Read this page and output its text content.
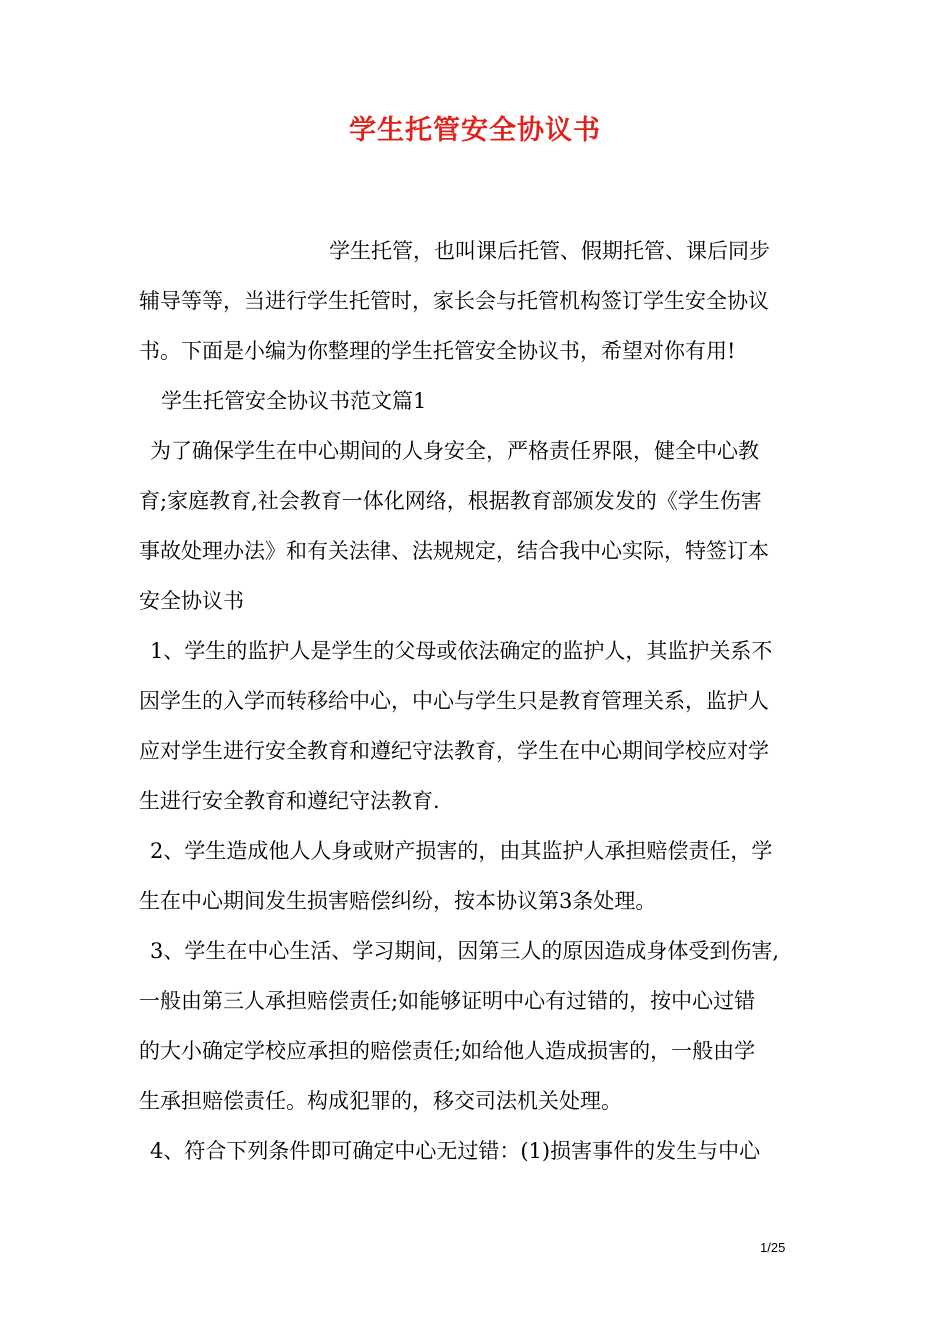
学生托管安全协议书
学生托管，也叫课后托管、假期托管、课后同步
辅导等等，当进行学生托管时，家长会与托管机构签订学生安全协议
书。下面是小编为你整理的学生托管安全协议书，希望对你有用!
学生托管安全协议书范文篇1
为了确保学生在中心期间的人身安全，严格责任界限，健全中心教
育;家庭教育,社会教育一体化网络，根据教育部颁发发的《学生伤害
事故处理办法》和有关法律、法规规定，结合我中心实际，特签订本
安全协议书
1、学生的监护人是学生的父母或依法确定的监护人，其监护关系不
因学生的入学而转移给中心，中心与学生只是教育管理关系，监护人
应对学生进行安全教育和遵纪守法教育，学生在中心期间学校应对学
生进行安全教育和遵纪守法教育.
2、学生造成他人人身或财产损害的，由其监护人承担赔偿责任，学
生在中心期间发生损害赔偿纠纷，按本协议第3条处理。
3、学生在中心生活、学习期间，因第三人的原因造成身体受到伤害,
一般由第三人承担赔偿责任;如能够证明中心有过错的，按中心过错
的大小确定学校应承担的赔偿责任;如给他人造成损害的，一般由学
生承担赔偿责任。构成犯罪的，移交司法机关处理。
4、符合下列条件即可确定中心无过错：(1)损害事件的发生与中心
1/25
